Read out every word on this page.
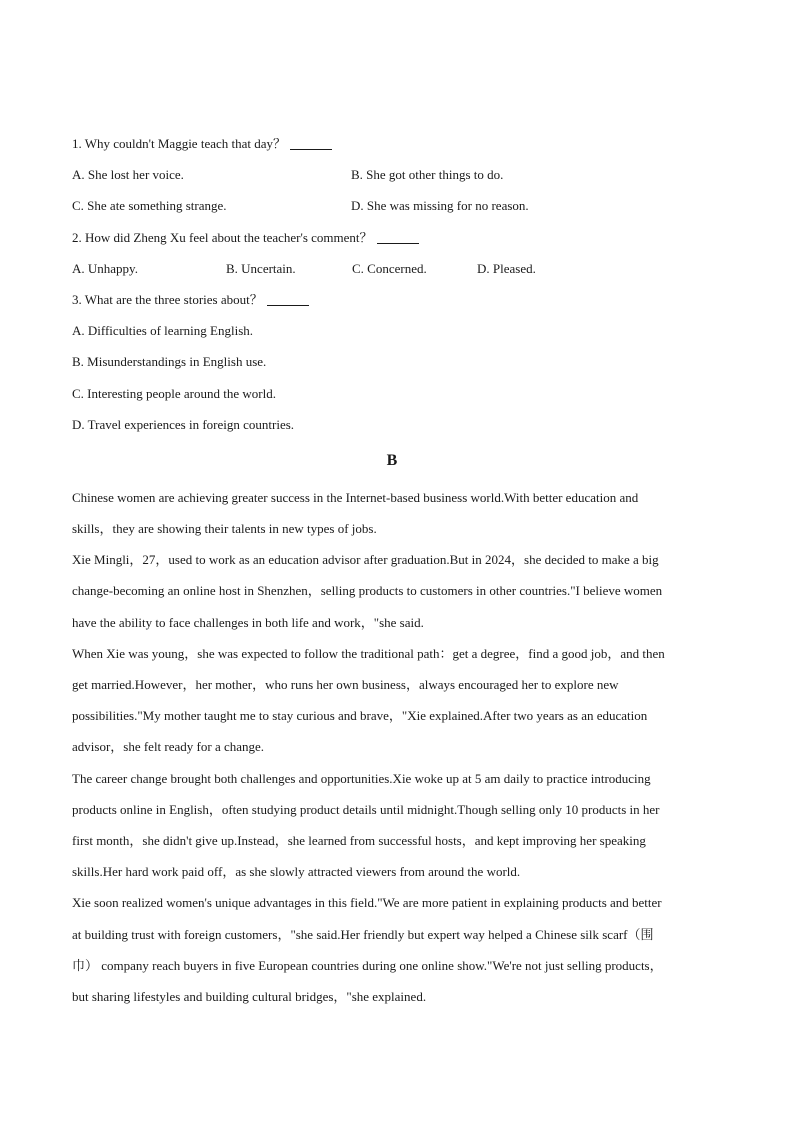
1. Why couldn't Maggie teach that day？
A. She lost her voice.	B. She got other things to do.
C. She ate something strange.	D. She was missing for no reason.
2. How did Zheng Xu feel about the teacher's comment？
A. Unhappy.	B. Uncertain.	C. Concerned.	D. Pleased.
3. What are the three stories about？
A. Difficulties of learning English.
B. Misunderstandings in English use.
C. Interesting people around the world.
D. Travel experiences in foreign countries.
B
Chinese women are achieving greater success in the Internet-based business world.With better education and
skills，they are showing their talents in new types of jobs.
Xie Mingli，27，used to work as an education advisor after graduation.But in 2024，she decided to make a big
change-becoming an online host in Shenzhen，selling products to customers in other countries."I believe women
have the ability to face challenges in both life and work，"she said.
When Xie was young，she was expected to follow the traditional path：get a degree，find a good job，and then
get married.However，her mother，who runs her own business，always encouraged her to explore new
possibilities."My mother taught me to stay curious and brave，"Xie explained.After two years as an education
advisor，she felt ready for a change.
The career change brought both challenges and opportunities.Xie woke up at 5 am daily to practice introducing
products online in English，often studying product details until midnight.Though selling only 10 products in her
first month，she didn't give up.Instead，she learned from successful hosts，and kept improving her speaking
skills.Her hard work paid off，as she slowly attracted viewers from around the world.
Xie soon realized women's unique advantages in this field."We are more patient in explaining products and better
at building trust with foreign customers，"she said.Her friendly but expert way helped a Chinese silk scarf（围
巾） company reach buyers in five European countries during one online show."We're not just selling products，
but sharing lifestyles and building cultural bridges，"she explained.
